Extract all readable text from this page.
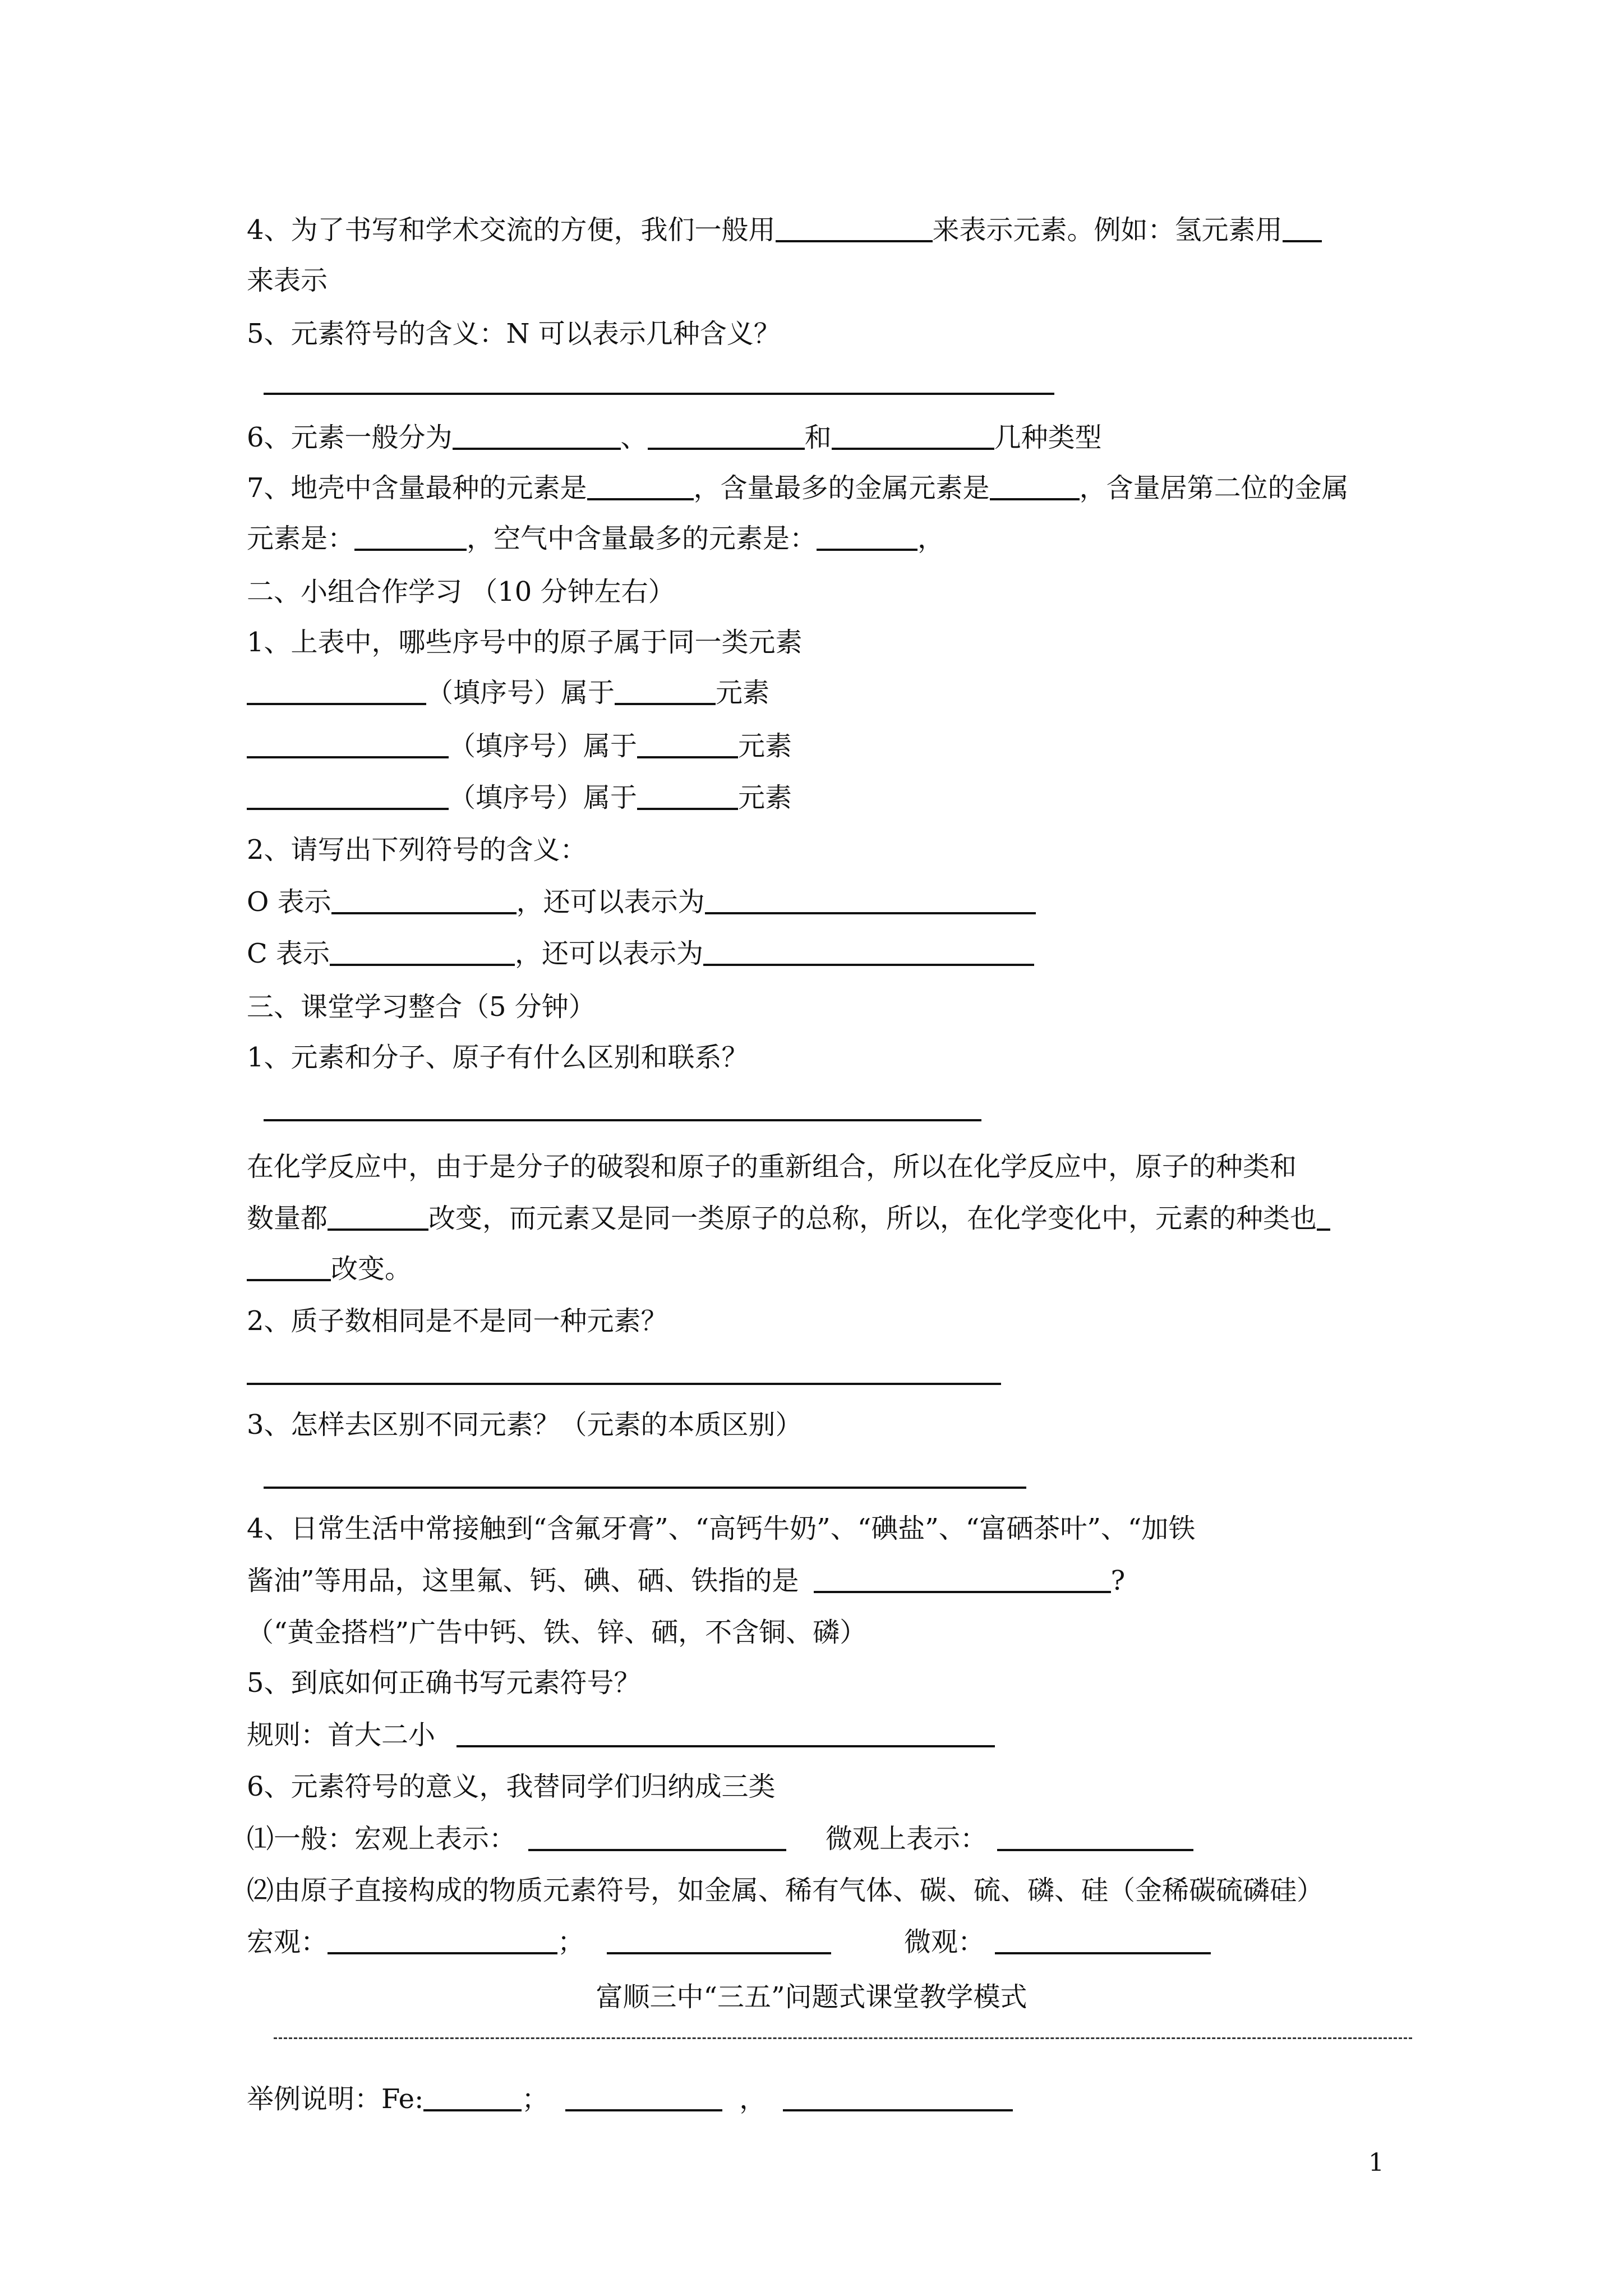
4、为了书写和学术交流的方便，我们一般用	来表示元素。例如：氢元素用
来表示
5、元素符号的含义：N 可以表示几种含义？
6、元素一般分为	、	和	几种类型
7、地壳中含量最种的元素是	，含量最多的金属元素是	，含量居第二位的金属
元素是：	，空气中含量最多的元素是：	，
二、小组合作学习 （10 分钟左右）
1、上表中，哪些序号中的原子属于同一类元素
（填序号）属于	元素
（填序号）属于	元素
（填序号）属于	元素
2、请写出下列符号的含义：
O 表示	，还可以表示为
C 表示	，还可以表示为
三、课堂学习整合（5 分钟）
1、元素和分子、原子有什么区别和联系？
在化学反应中，由于是分子的破裂和原子的重新组合，所以在化学反应中，原子的种类和
数量都	改变，而元素又是同一类原子的总称，所以，在化学变化中，元素的种类也
改变。
2、质子数相同是不是同一种元素？
3、怎样去区别不同元素？（元素的本质区别）
4、日常生活中常接触到“含氟牙膏”、“高钙牛奶”、“碘盐”、“富硒茶叶”、“加铁
酱油”等用品，这里氟、钙、碘、硒、铁指的是	?
（“黄金搭档”广告中钙、铁、锌、硒，不含铜、磷）
5、到底如何正确书写元素符号？
规则：首大二小
6、元素符号的意义，我替同学们归纳成三类
⑴一般：宏观上表示：	微观上表示：
⑵由原子直接构成的物质元素符号，如金属、稀有气体、碳、硫、磷、硅（金稀碳硫磷硅）
宏观：	；	微观：
富顺三中“三五”问题式课堂教学模式
举例说明：Fe:	；	，
1
